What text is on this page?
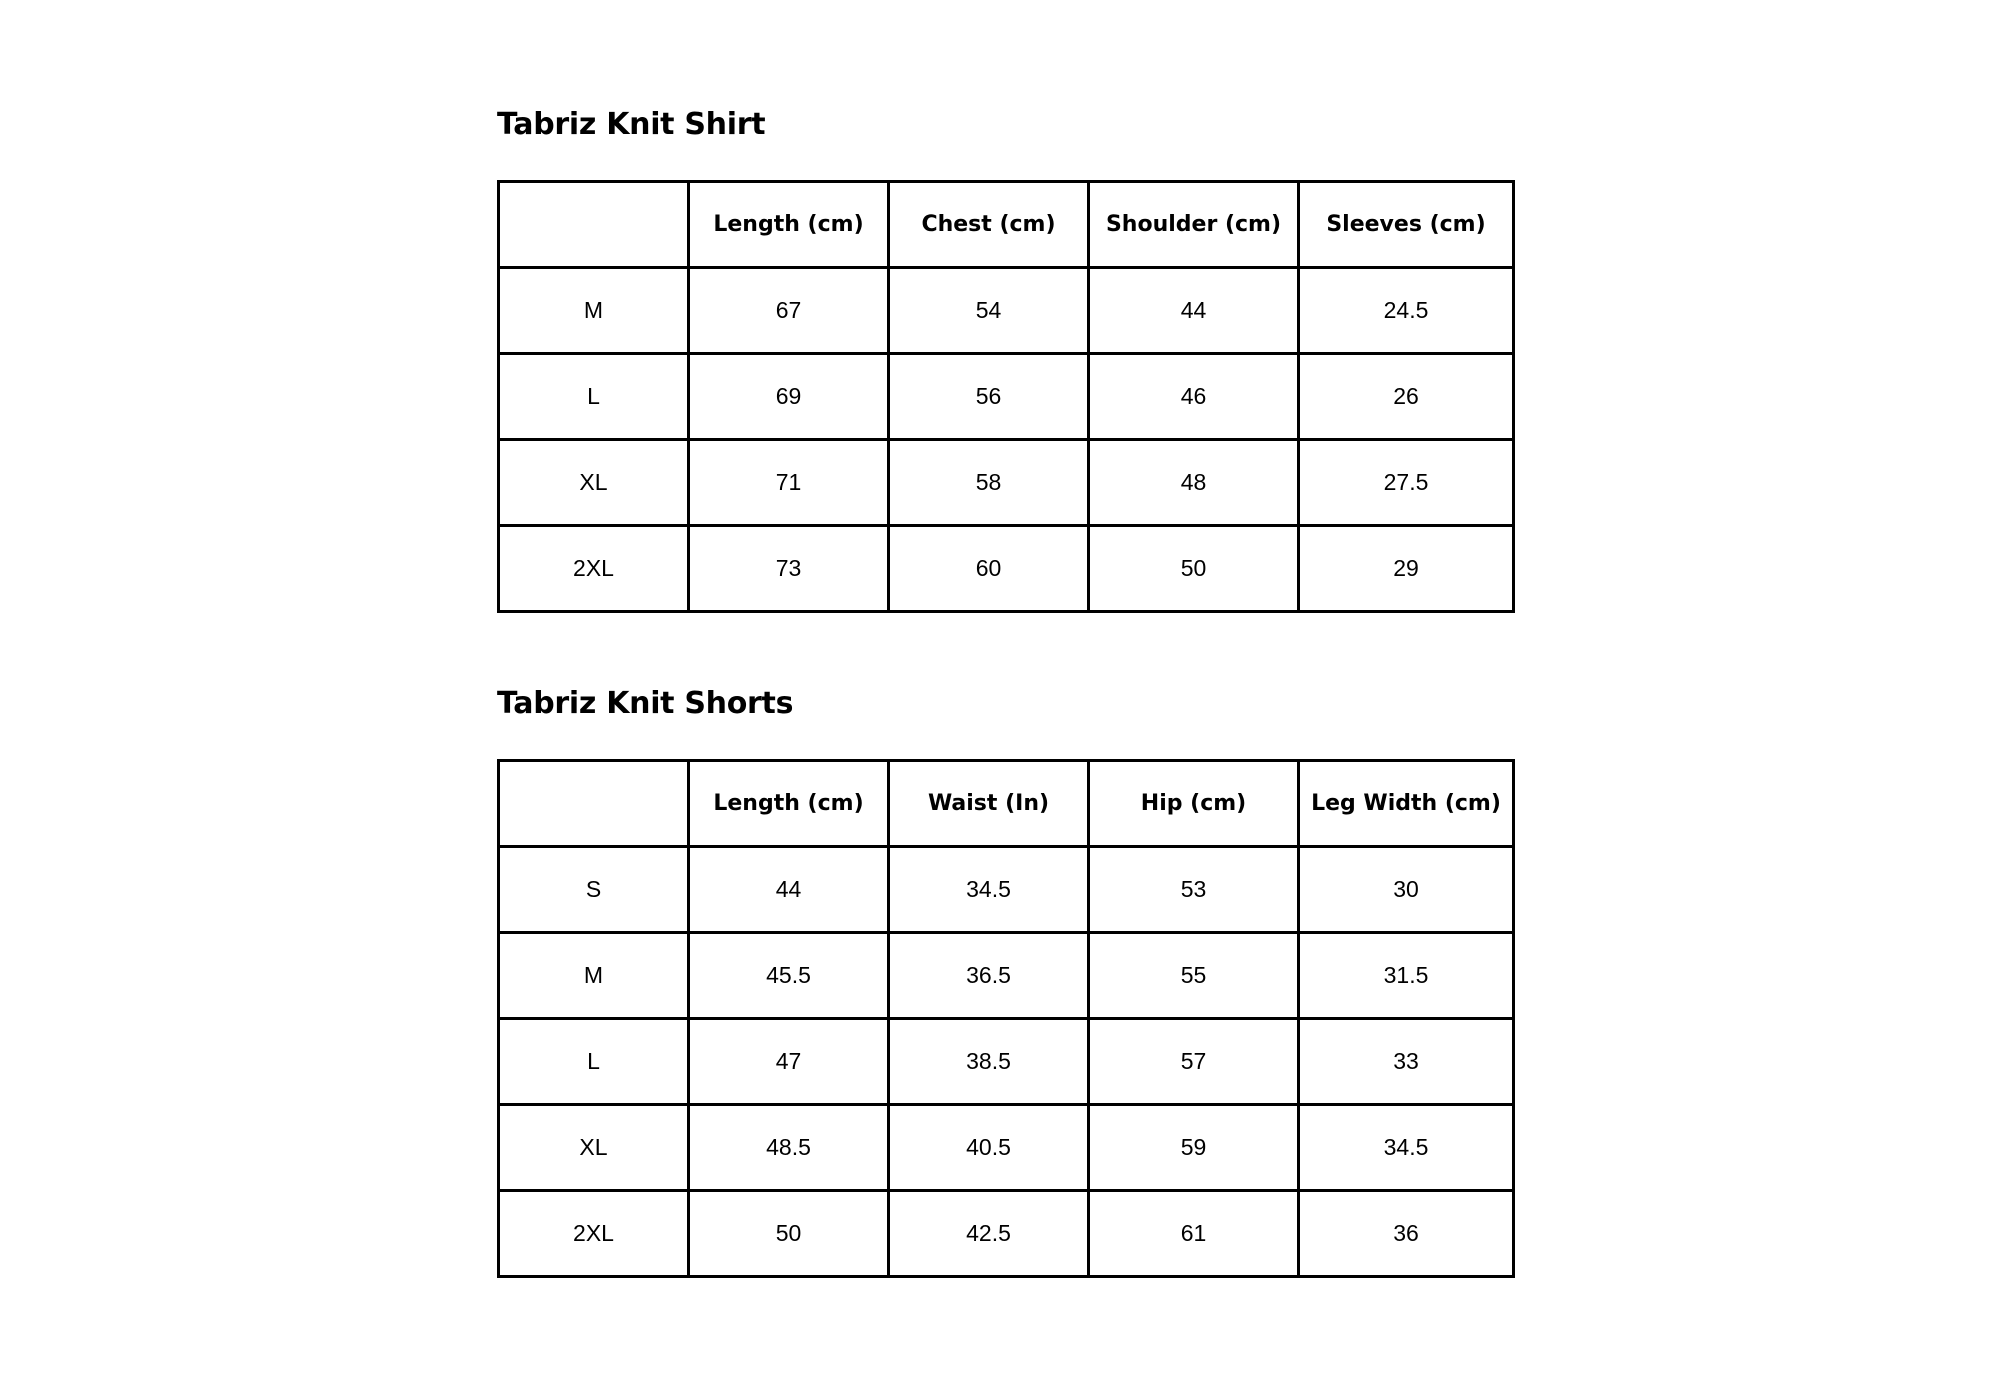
Tabriz Knit Shirt
	Length (cm)	Chest (cm)	Shoulder (cm)	Sleeves (cm)
M	67	54	44	24.5
L	69	56	46	26
XL	71	58	48	27.5
2XL	73	60	50	29
Tabriz Knit Shorts
	Length (cm)	Waist (In)	Hip (cm)	Leg Width (cm)
S	44	34.5	53	30
M	45.5	36.5	55	31.5
L	47	38.5	57	33
XL	48.5	40.5	59	34.5
2XL	50	42.5	61	36
